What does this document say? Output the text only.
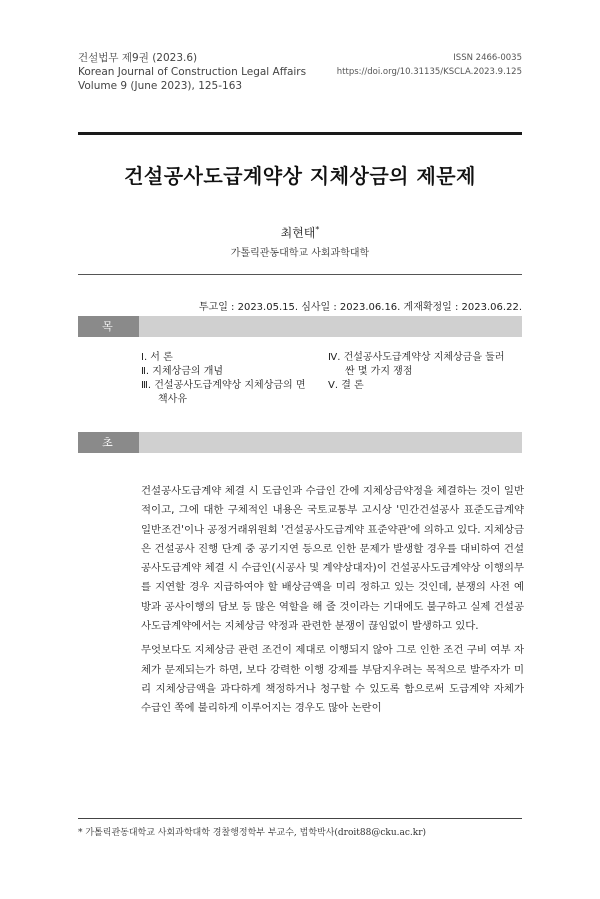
건설법무 제9권 (2023.6)
Korean Journal of Construction Legal Affairs
Volume 9 (June 2023), 125-163
ISSN 2466-0035
https://doi.org/10.31135/KSCLA.2023.9.125
건설공사도급계약상 지체상금의 제문제
최현태*
가톨릭관동대학교 사회과학대학
투고일 : 2023.05.15. 심사일 : 2023.06.16. 게재확정일 : 2023.06.22.
목 차
Ⅰ. 서 론
Ⅱ. 지체상금의 개념
Ⅲ. 건설공사도급계약상 지체상금의 면책사유
Ⅳ. 건설공사도급계약상 지체상금을 둘러싼 몇 가지 쟁점
Ⅴ. 결 론
초 록

건설공사도급계약 체결 시 도급인과 수급인 간에 지체상금약정을 체결하는 것이 일반적이고, 그에 대한 구체적인 내용은 국토교통부 고시상 '민간건설공사 표준도급계약 일반조건'이나 공정거래위원회 '건설공사도급계약 표준약관'에 의하고 있다. 지체상금은 건설공사 진행 단계 중 공기지연 등으로 인한 문제가 발생할 경우를 대비하여 건설공사도급계약 체결 시 수급인(시공사 및 계약상대자)이 건설공사도급계약상 이행의무를 지연할 경우 지급하여야 할 배상금액을 미리 정하고 있는 것인데, 분쟁의 사전 예방과 공사이행의 담보 등 많은 역할을 해 줄 것이라는 기대에도 불구하고 실제 건설공사도급계약에서는 지체상금 약정과 관련한 분쟁이 끊임없이 발생하고 있다.

무엇보다도 지체상금 관련 조건이 제대로 이행되지 않아 그로 인한 조건 구비 여부 자체가 문제되는가 하면, 보다 강력한 이행 강제를 부담지우려는 목적으로 발주자가 미리 지체상금액을 과다하게 책정하거나 청구할 수 있도록 함으로써 도급계약 자체가 수급인 쪽에 불리하게 이루어지는 경우도 많아 논란이

* 가톨릭관동대학교 사회과학대학 경찰행정학부 부교수, 법학박사(droit88@cku.ac.kr)
